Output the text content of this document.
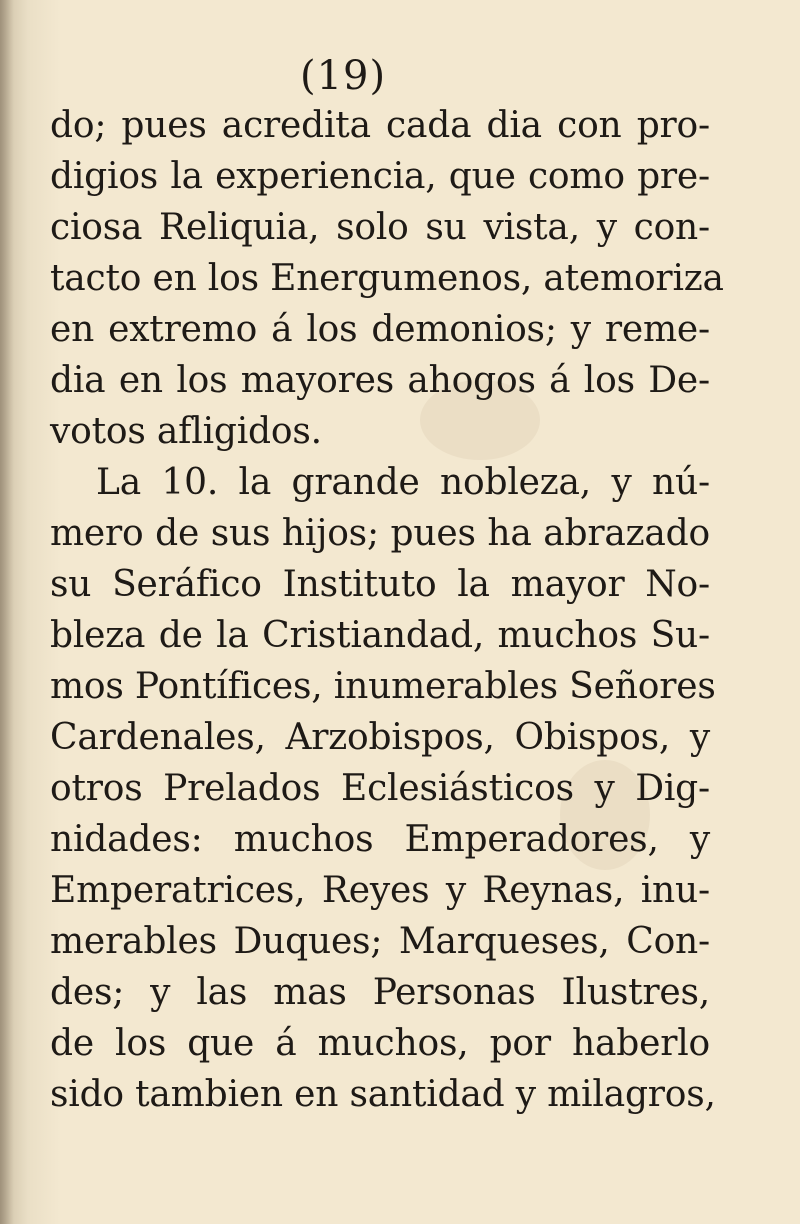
(19)
do; pues acredita cada dia con pro-
digios la experiencia, que como pre-
ciosa Reliquia, solo su vista, y con-
tacto en los Energumenos, atemoriza
en extremo á los demonios; y reme-
dia en los mayores ahogos á los De-
votos afligidos.
La 10. la grande nobleza, y nú-
mero de sus hijos; pues ha abrazado
su Seráfico Instituto la mayor No-
bleza de la Cristiandad, muchos Su-
mos Pontífices, inumerables Señores
Cardenales, Arzobispos, Obispos, y
otros Prelados Eclesiásticos y Dig-
nidades: muchos Emperadores, y
Emperatrices, Reyes y Reynas, inu-
merables Duques; Marqueses, Con-
des; y las mas Personas Ilustres,
de los que á muchos, por haberlo
sido tambien en santidad y milagros,
